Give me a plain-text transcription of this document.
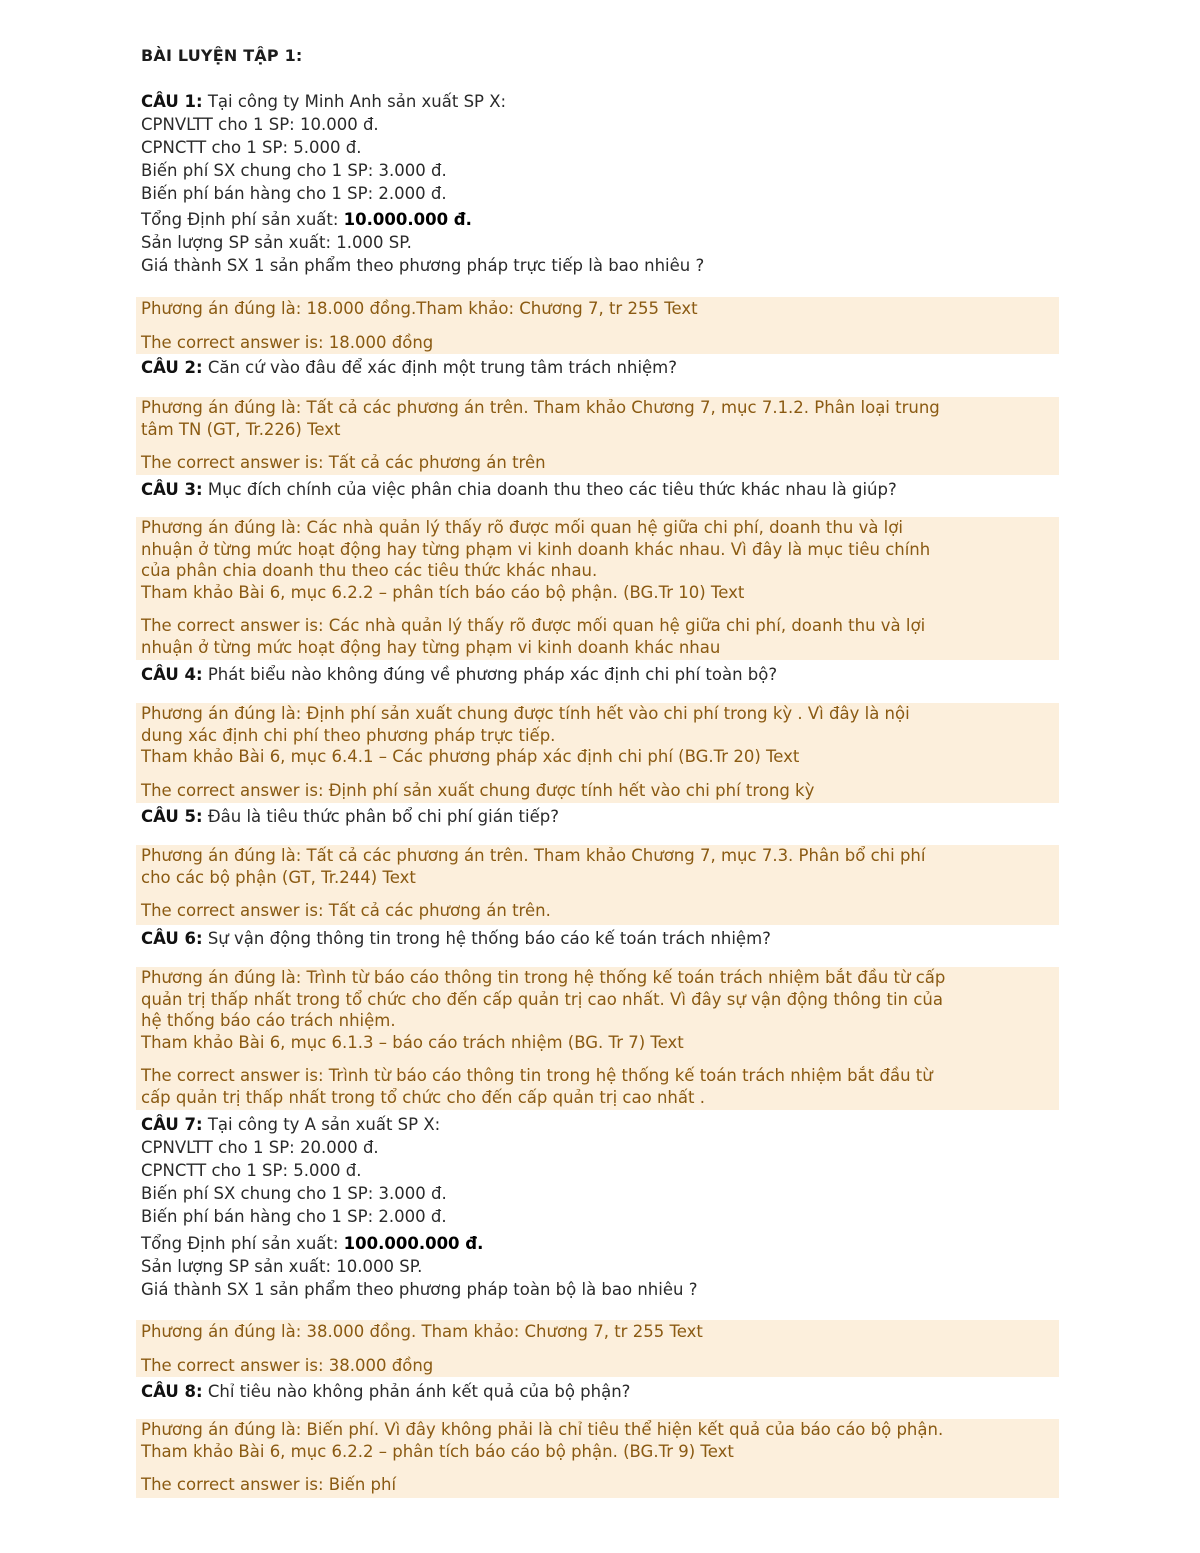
BÀI LUYỆN TẬP 1:
CÂU 1: Tại công ty Minh Anh sản xuất SP X:
CPNVLTT cho 1 SP: 10.000 đ.
CPNCTT cho 1 SP: 5.000 đ.
Biến phí SX chung cho 1 SP: 3.000 đ.
Biến phí bán hàng cho 1 SP: 2.000 đ.
Tổng Định phí sản xuất: 10.000.000 đ.
Sản lượng SP sản xuất: 1.000 SP.
Giá thành SX 1 sản phẩm theo phương pháp trực tiếp là bao nhiêu ?

Phương án đúng là: 18.000 đồng.Tham khảo: Chương 7, tr 255 Text

The correct answer is: 18.000 đồng

CÂU 2: Căn cứ vào đâu để xác định một trung tâm trách nhiệm?

Phương án đúng là: Tất cả các phương án trên. Tham khảo Chương 7, mục 7.1.2. Phân loại trung

tâm TN (GT, Tr.226) Text

The correct answer is: Tất cả các phương án trên

CÂU 3: Mục đích chính của việc phân chia doanh thu theo các tiêu thức khác nhau là giúp?

Phương án đúng là: Các nhà quản lý thấy rõ được mối quan hệ giữa chi phí, doanh thu và lợi

nhuận ở từng mức hoạt động hay từng phạm vi kinh doanh khác nhau. Vì đây là mục tiêu chính

của phân chia doanh thu theo các tiêu thức khác nhau.

Tham khảo Bài 6, mục 6.2.2 – phân tích báo cáo bộ phận. (BG.Tr 10) Text

The correct answer is: Các nhà quản lý thấy rõ được mối quan hệ giữa chi phí, doanh thu và lợi

nhuận ở từng mức hoạt động hay từng phạm vi kinh doanh khác nhau

CÂU 4: Phát biểu nào không đúng về phương pháp xác định chi phí toàn bộ?

Phương án đúng là: Định phí sản xuất chung được tính hết vào chi phí trong kỳ . Vì đây là nội

dung xác định chi phí theo phương pháp trực tiếp.

Tham khảo Bài 6, mục 6.4.1 – Các phương pháp xác định chi phí (BG.Tr 20) Text

The correct answer is: Định phí sản xuất chung được tính hết vào chi phí trong kỳ

CÂU 5: Đâu là tiêu thức phân bổ chi phí gián tiếp?

Phương án đúng là: Tất cả các phương án trên. Tham khảo Chương 7, mục 7.3. Phân bổ chi phí

cho các bộ phận (GT, Tr.244) Text

The correct answer is: Tất cả các phương án trên.

CÂU 6: Sự vận động thông tin trong hệ thống báo cáo kế toán trách nhiệm?

Phương án đúng là: Trình từ báo cáo thông tin trong hệ thống kế toán trách nhiệm bắt đầu từ cấp

quản trị thấp nhất trong tổ chức cho đến cấp quản trị cao nhất. Vì đây sự vận động thông tin của

hệ thống báo cáo trách nhiệm.

Tham khảo Bài 6, mục 6.1.3 – báo cáo trách nhiệm (BG. Tr 7) Text

The correct answer is: Trình từ báo cáo thông tin trong hệ thống kế toán trách nhiệm bắt đầu từ

cấp quản trị thấp nhất trong tổ chức cho đến cấp quản trị cao nhất .

CÂU 7: Tại công ty A sản xuất SP X:
CPNVLTT cho 1 SP: 20.000 đ.
CPNCTT cho 1 SP: 5.000 đ.
Biến phí SX chung cho 1 SP: 3.000 đ.
Biến phí bán hàng cho 1 SP: 2.000 đ.
Tổng Định phí sản xuất: 100.000.000 đ.
Sản lượng SP sản xuất: 10.000 SP.
Giá thành SX 1 sản phẩm theo phương pháp toàn bộ là bao nhiêu ?

Phương án đúng là: 38.000 đồng. Tham khảo: Chương 7, tr 255 Text

The correct answer is: 38.000 đồng

CÂU 8: Chỉ tiêu nào không phản ánh kết quả của bộ phận?

Phương án đúng là: Biến phí. Vì đây không phải là chỉ tiêu thể hiện kết quả của báo cáo bộ phận.

Tham khảo Bài 6, mục 6.2.2 – phân tích báo cáo bộ phận. (BG.Tr 9) Text

The correct answer is: Biến phí
